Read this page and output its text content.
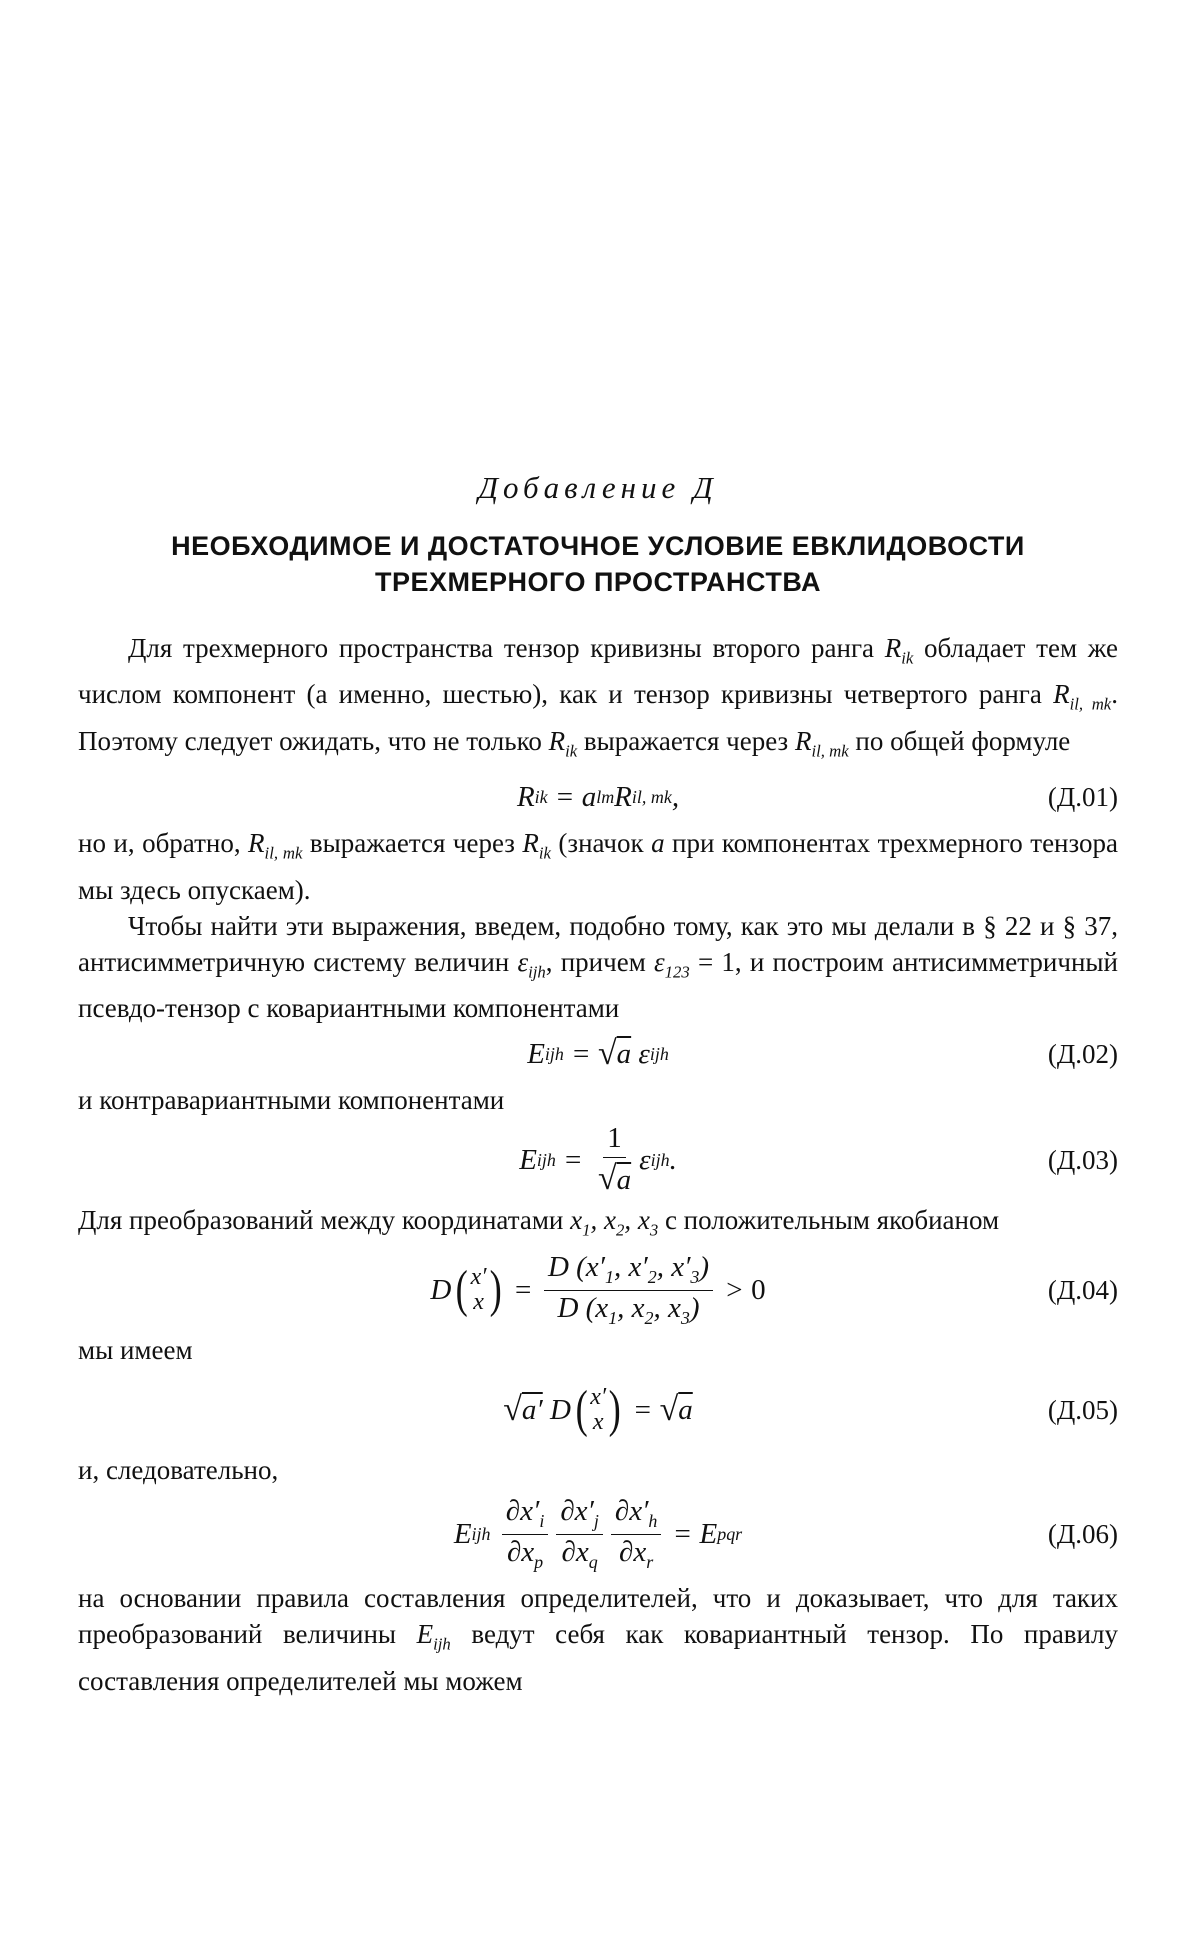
Добавление Д
НЕОБХОДИМОЕ И ДОСТАТОЧНОЕ УСЛОВИЕ ЕВКЛИДОВОСТИ
ТРЕХМЕРНОГО ПРОСТРАНСТВА

Для трехмерного пространства тензор кривизны второго ранга $R_{ik}$ обладает тем же числом компонент (а именно, шестью), как и тензор кривизны четвертого ранга $R_{il, mk}$. Поэтому следует ожидать, что не только $R_{ik}$ выражается через $R_{il, mk}$ по общей формуле

R ik = a lm R il, mk ,	(Д.01)

но и, обратно, $R_{il, mk}$ выражается через $R_{ik}$ (значок a при компонентах трехмерного тензора мы здесь опускаем).

Чтобы найти эти выражения, введем, подобно тому, как это мы делали в § 22 и § 37, антисимметричную систему величин $\varepsilon_{ijh}$, причем $\varepsilon_{123} = 1$, и построим антисимметричный псевдо-тензор с ковариантными компонентами

E ijh = √ a ε ijh	(Д.02)

и контравариантными компонентами

E ijh = $\frac{1}{√a}$ ε ijh .	(Д.03)

Для преобразований между координатами $x_1$, $x_2$, $x_3$ с положительным якобианом

D ( x′
x ) = $\frac{D (x'_1, x'_2, x'_3)}{D (x_1, x_2, x_3)} > 0$	(Д.04)

мы имеем

√ a′ D ( x′
x ) = √ a	(Д.05)

и, следовательно,

E ijh
$\frac{\partial x'_i}{\partial x_p} \frac{\partial x'_j}{\partial x_q} \frac{\partial x'_h}{\partial x_r} = E$ pqr	(Д.06)

на основании правила составления определителей, что и доказывает, что для таких преобразований величины $E_{ijh}$ ведут себя как ковариантный тензор. По правилу составления определителей мы можем
